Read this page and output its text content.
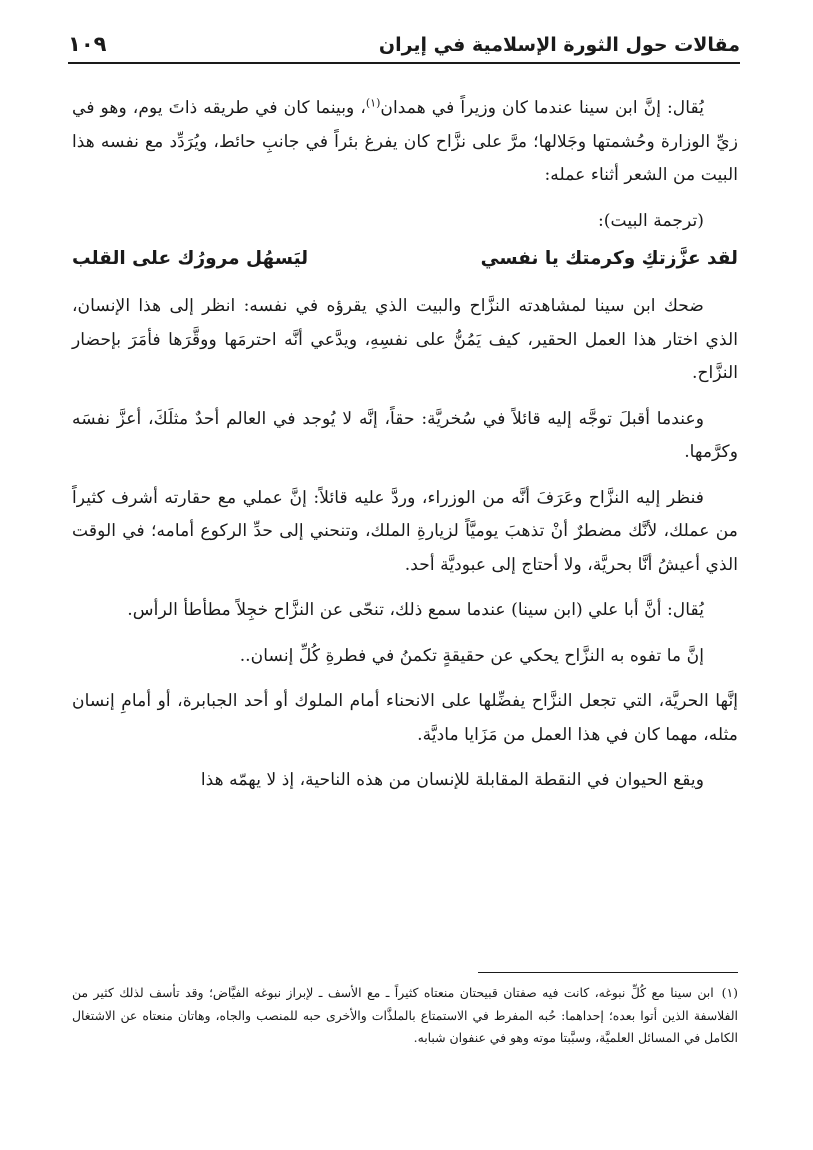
مقالات حول الثورة الإسلامية في إيران
١٠٩

يُقال: إنَّ ابن سينا عندما كان وزيراً في همدان$^{(١)}$، وبينما كان في طريقه ذاتَ يوم، وهو في زيِّ الوزارة وحُشمتها وجَلالها؛ مرَّ على نزَّاح كان يفرغ بئراً في جانبِ حائط، ويُرَدِّد مع نفسه هذا البيت من الشعر أثناء عمله:

(ترجمة البيت):

لقد عزَّزتكِ وكرمتك يا نفسي
ليَسهُل مرورُك على القلب

ضحك ابن سينا لمشاهدته النزَّاح والبيت الذي يقرؤه في نفسه: انظر إلى هذا الإنسان، الذي اختار هذا العمل الحقير، كيف يَمُنُّ على نفسِهِ، ويدَّعي أنَّه احترمَها ووقَّرَها فأمَرَ بإحضار النزَّاح.

وعندما أقبلَ توجَّه إليه قائلاً في سُخريَّة: حقاً، إنَّه لا يُوجد في العالم أحدٌ مثلَكَ، أعزَّ نفسَه وكرَّمها.

فنظر إليه النزَّاح وعَرَفَ أنَّه من الوزراء، وردَّ عليه قائلاً: إنَّ عملي مع حقارته أشرف كثيراً من عملك، لأنَّك مضطرٌ أنْ تذهبَ يوميَّاً لزيارةِ الملك، وتنحني إلى حدِّ الركوع أمامه؛ في الوقت الذي أعيشُ أنَّا بحريَّة، ولا أحتاج إلى عبوديَّة أحد.

يُقال: أنَّ أبا علي (ابن سينا) عندما سمع ذلك، تنحّى عن النزَّاح خجِلاً مطأطأ الرأس.

إنَّ ما تفوه به النزَّاح يحكي عن حقيقةٍ تكمنُ في فطرةِ كُلِّ إنسان..

إنَّها الحريَّة، التي تجعل النزَّاح يفضِّلها على الانحناء أمام الملوك أو أحد الجبابرة، أو أمامِ إنسان مثله، مهما كان في هذا العمل من مَزَايا ماديَّة.

ويقع الحيوان في النقطة المقابلة للإنسان من هذه الناحية، إذ لا يهمّه هذا

(١)ابن سينا مع كُلِّ نبوغه، كانت فيه صفتان قبيحتان منعتاه كثيراً ـ مع الأسف ـ لإبراز نبوغه الفيَّاض؛ وقد تأسف لذلك كثير من الفلاسفة الذين أتوا بعده؛ إحداهما: حُبه المفرط في الاستمتاع بالملذَّات والأخرى حبه للمنصب والجاه، وهاتان منعتاه عن الاشتغال الكامل في المسائل العلميَّة، وسبَّبتا موته وهو في عنفوان شبابه.
